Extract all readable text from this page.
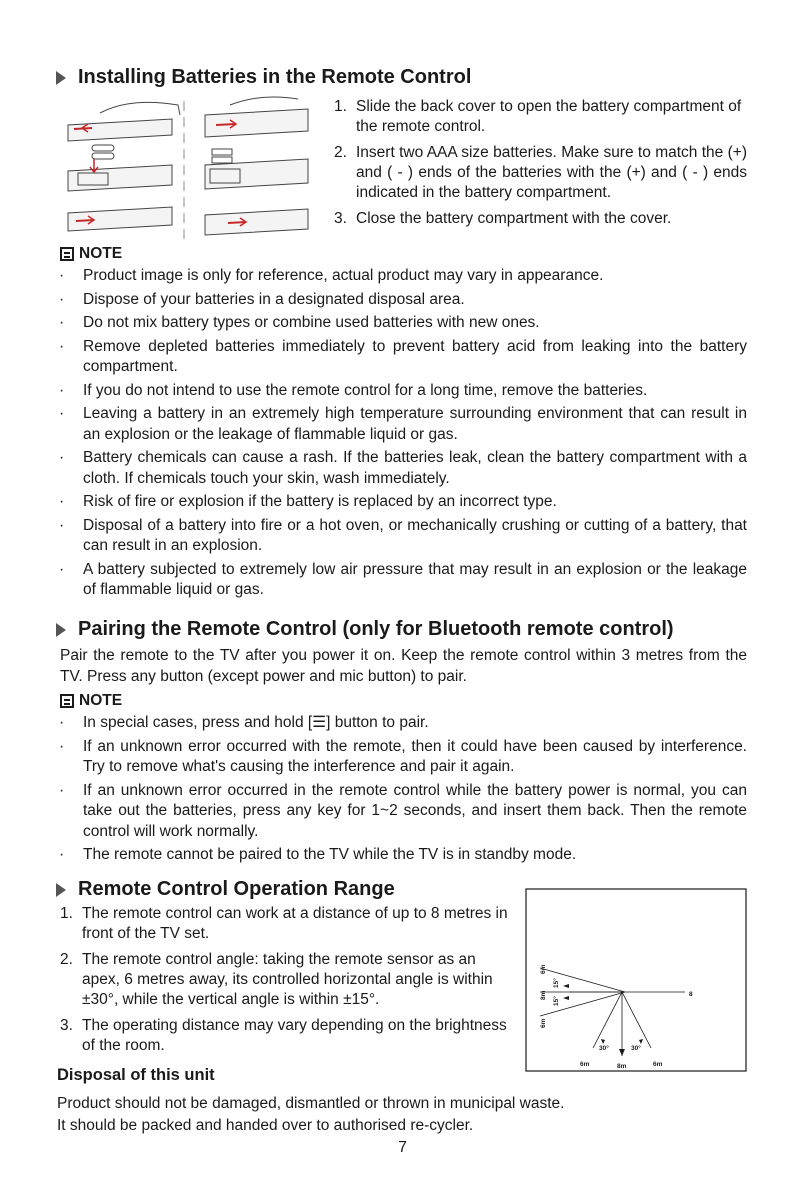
Installing Batteries in the Remote Control
1. Slide the back cover to open the battery compartment of the remote control.
2. Insert two AAA size batteries. Make sure to match the (+) and ( - ) ends of the batteries with the (+) and ( - ) ends indicated in the battery compartment.
3. Close the battery compartment with the cover.
NOTE
· Product image is only for reference, actual product may vary in appearance.
· Dispose of your batteries in a designated disposal area.
· Do not mix battery types or combine used batteries with new ones.
· Remove depleted batteries immediately to prevent battery acid from leaking into the battery compartment.
· If you do not intend to use the remote control for a long time, remove the batteries.
· Leaving a battery in an extremely high temperature surrounding environment that can result in an explosion or the leakage of flammable liquid or gas.
· Battery chemicals can cause a rash. If the batteries leak, clean the battery compartment with a cloth. If chemicals touch your skin, wash immediately.
· Risk of fire or explosion if the battery is replaced by an incorrect type.
· Disposal of a battery into fire or a hot oven, or mechanically crushing or cutting of a battery, that can result in an explosion.
· A battery subjected to extremely low air pressure that may result in an explosion or the leakage of flammable liquid or gas.
Pairing the Remote Control (only for Bluetooth remote control)
Pair the remote to the TV after you power it on. Keep the remote control within 3 metres from the TV. Press any button (except power and mic button) to pair.
NOTE
· In special cases, press and hold [☰] button to pair.
· If an unknown error occurred with the remote, then it could have been caused by interference. Try to remove what's causing the interference and pair it again.
· If an unknown error occurred in the remote control while the battery power is normal, you can take out the batteries, press any key for 1~2 seconds, and insert them back. Then the remote control will work normally.
· The remote cannot be paired to the TV while the TV is in standby mode.
Remote Control Operation Range
1. The remote control can work at a distance of up to 8 metres in front of the TV set.
2. The remote control angle: taking the remote sensor as an apex, 6 metres away, its controlled horizontal angle is within ±30°, while the vertical angle is within ±15°.
3. The operating distance may vary depending on the brightness of the room.
6m
8m
6m
15°
15°
6m	8m	6m
30°	30°
8
Disposal of this unit
Product should not be damaged, dismantled or thrown in municipal waste.
It should be packed and handed over to authorised re-cycler.
7
